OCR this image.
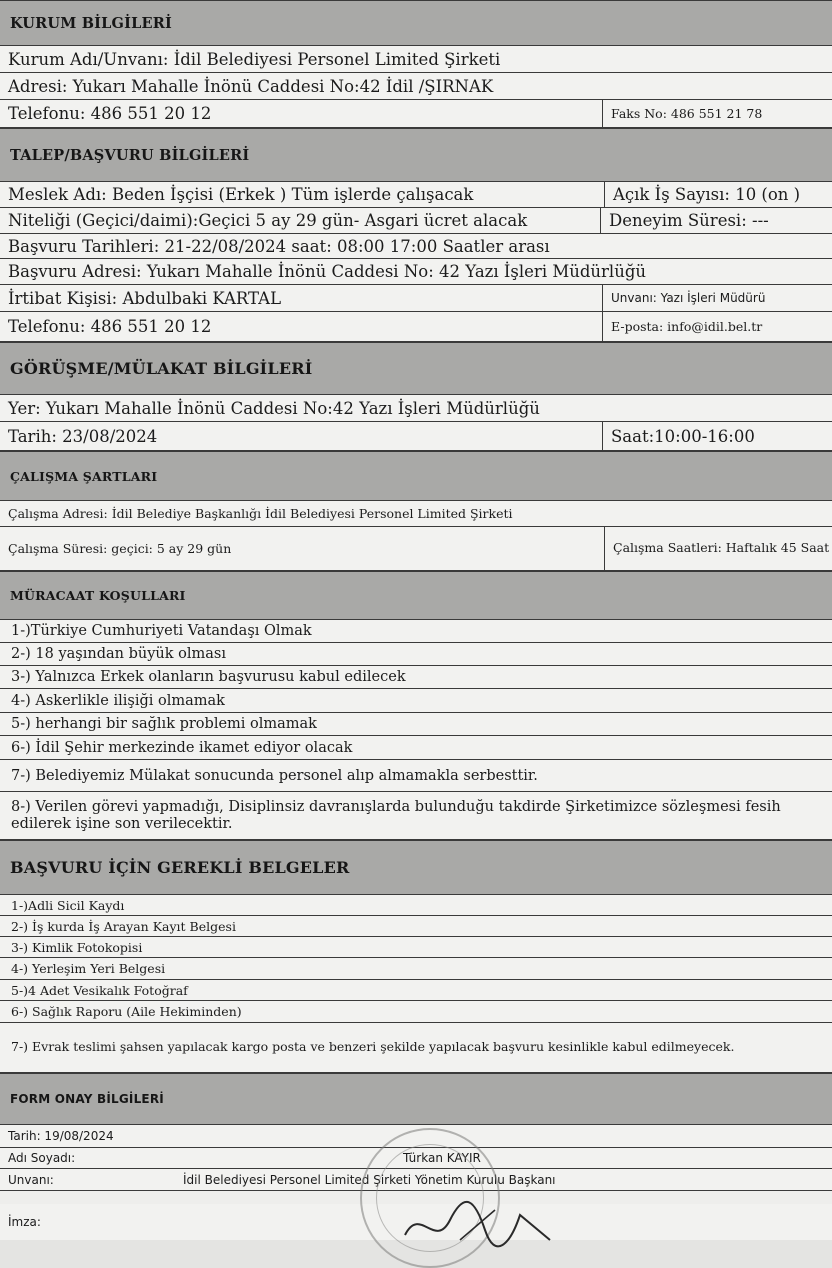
KURUM BİLGİLERİ
Kurum Adı/Unvanı: İdil Belediyesi Personel Limited Şirketi
Adresi: Yukarı Mahalle İnönü Caddesi No:42 İdil /ŞIRNAK
Telefonu: 486 551 20 12	Faks No: 486 551 21 78
TALEP/BAŞVURU BİLGİLERİ
Meslek Adı: Beden İşçisi (Erkek ) Tüm işlerde çalışacak	Açık İş Sayısı: 10 (on )
Niteliği (Geçici/daimi):Geçici 5 ay 29 gün- Asgari ücret alacak	Deneyim Süresi: ---
Başvuru Tarihleri: 21-22/08/2024 saat: 08:00 17:00 Saatler arası
Başvuru Adresi: Yukarı Mahalle İnönü Caddesi No: 42 Yazı İşleri Müdürlüğü
İrtibat Kişisi: Abdulbaki KARTAL	Unvanı: Yazı İşleri Müdürü
Telefonu: 486 551 20 12	E-posta: info@idil.bel.tr
GÖRÜŞME/MÜLAKAT BİLGİLERİ
Yer: Yukarı Mahalle İnönü Caddesi No:42 Yazı İşleri Müdürlüğü
Tarih: 23/08/2024	Saat:10:00-16:00
ÇALIŞMA ŞARTLARI
Çalışma Adresi: İdil Belediye Başkanlığı İdil Belediyesi Personel Limited Şirketi
Çalışma Süresi: geçici: 5 ay 29 gün	Çalışma Saatleri: Haftalık 45 Saat
MÜRACAAT KOŞULLARI
1-)Türkiye Cumhuriyeti Vatandaşı Olmak
2-) 18 yaşından büyük olması
3-) Yalnızca Erkek olanların başvurusu kabul edilecek
4-) Askerlikle ilişiği olmamak
5-) herhangi bir sağlık problemi olmamak
6-) İdil Şehir merkezinde ikamet ediyor olacak
7-) Belediyemiz Mülakat sonucunda personel alıp almamakla serbesttir.
8-) Verilen görevi yapmadığı, Disiplinsiz davranışlarda bulunduğu takdirde Şirketimizce sözleşmesi fesih edilerek işine son verilecektir.
BAŞVURU İÇİN GEREKLİ BELGELER
1-)Adli Sicil Kaydı
2-) İş kurda İş Arayan Kayıt Belgesi
3-) Kimlik Fotokopisi
4-) Yerleşim Yeri Belgesi
5-)4 Adet Vesikalık Fotoğraf
6-) Sağlık Raporu (Aile Hekiminden)
7-) Evrak teslimi şahsen yapılacak kargo posta ve benzeri şekilde yapılacak başvuru kesinlikle kabul edilmeyecek.
FORM ONAY BİLGİLERİ
Tarih: 19/08/2024
Adı Soyadı:	Türkan KAYIR
Unvanı:	İdil Belediyesi Personel Limited Şirketi Yönetim Kurulu Başkanı
İmza:
